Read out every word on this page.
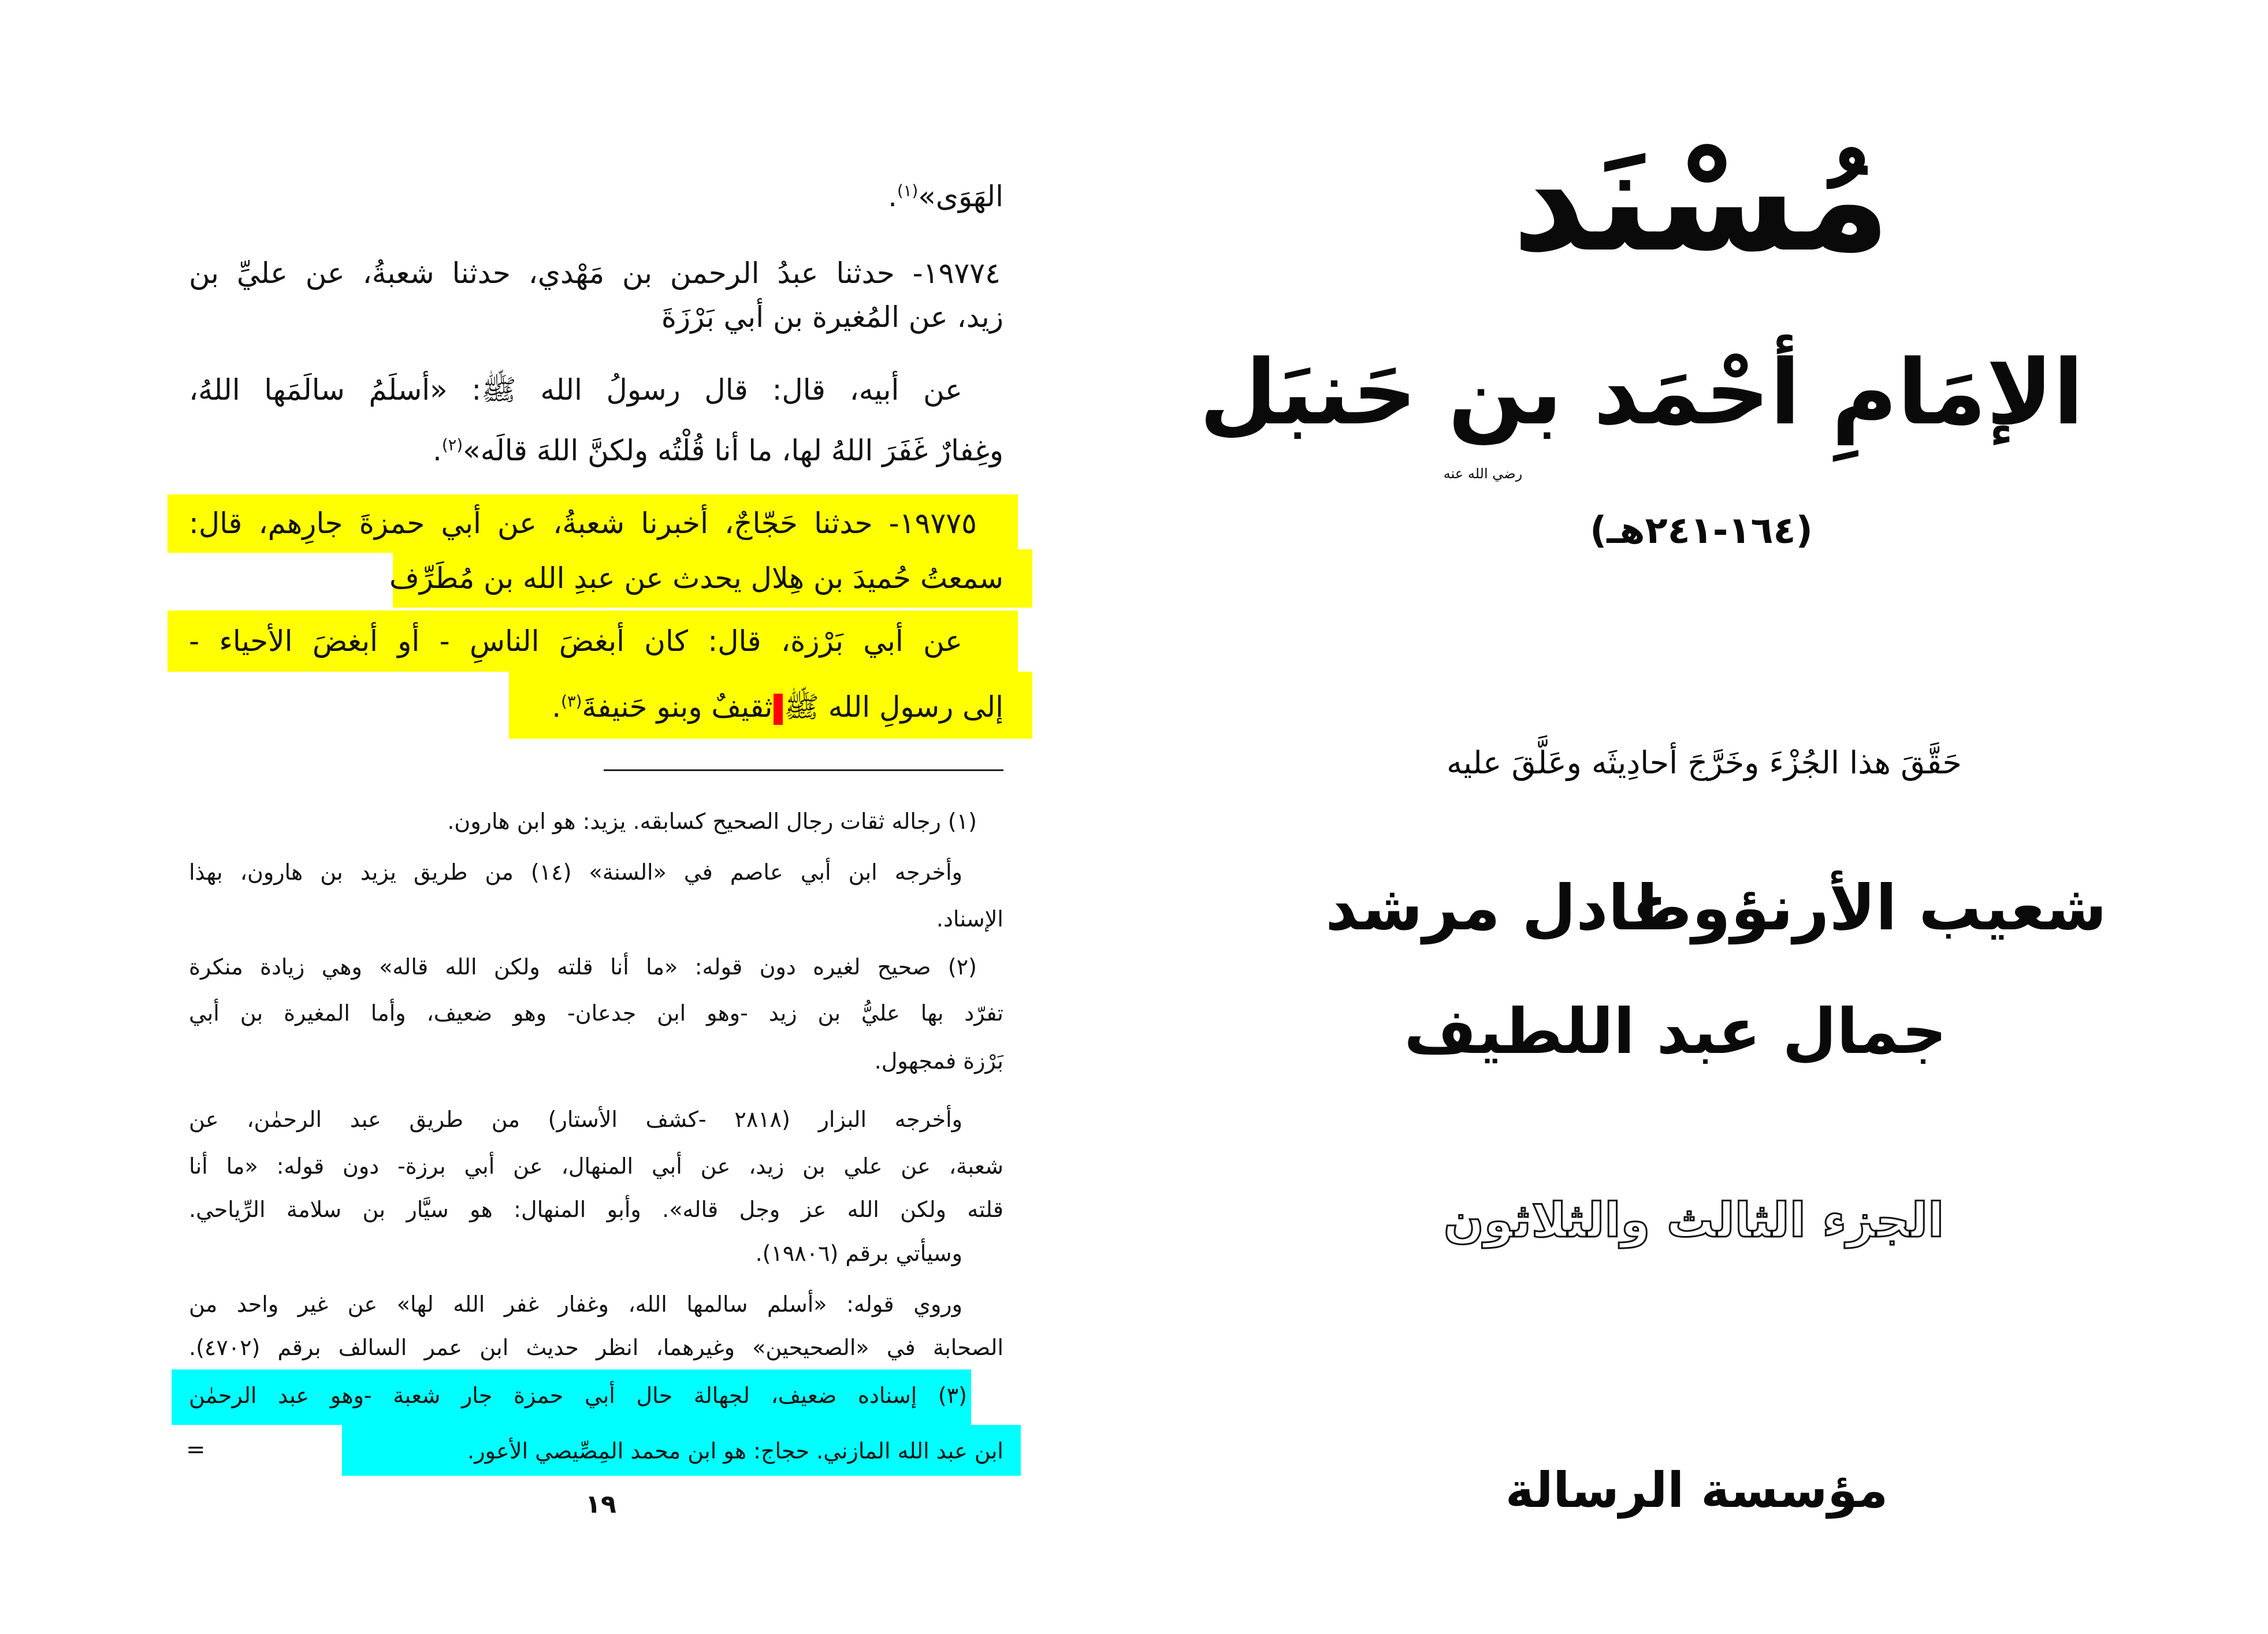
الهَوَى»$^{(١)}$.
١٩٧٧٤- حدثنا عبدُ الرحمن بن مَهْدي، حدثنا شعبةُ، عن عليِّ بن
زيد، عن المُغيرة بن أبي بَرْزَةَ
عن أبيه، قال: قال رسولُ الله ﷺ: «أسلَمُ سالَمَها اللهُ،
وغِفارٌ غَفَرَ اللهُ لها، ما أنا قُلْتُه ولكنَّ اللهَ قالَه»$^{(٢)}$.
١٩٧٧٥- حدثنا حَجّاجٌ، أخبرنا شعبةُ، عن أبي حمزةَ جارِهم، قال:
سمعتُ حُميدَ بن هِلال يحدث عن عبدِ الله بن مُطَرِّف
عن أبي بَرْزة، قال: كان أبغضَ الناسِ - أو أبغضَ الأحياء -
إلى رسولِ الله ﷺثقيفٌ وبنو حَنيفةَ$^{(٣)}$.
(١) رجاله ثقات رجال الصحيح كسابقه. يزيد: هو ابن هارون.
وأخرجه ابن أبي عاصم في «السنة» (١٤) من طريق يزيد بن هارون، بهذا
الإسناد.
(٢) صحيح لغيره دون قوله: «ما أنا قلته ولكن الله قاله» وهي زيادة منكرة
تفرّد بها عليُّ بن زيد -وهو ابن جدعان- وهو ضعيف، وأما المغيرة بن أبي
بَرْزة فمجهول.
وأخرجه البزار (٢٨١٨ -كشف الأستار) من طريق عبد الرحمٰن، عن
شعبة، عن علي بن زيد، عن أبي المنهال، عن أبي برزة- دون قوله: «ما أنا
قلته ولكن الله عز وجل قاله». وأبو المنهال: هو سيَّار بن سلامة الرِّياحي.
وسيأتي برقم (١٩٨٠٦).
وروي قوله: «أسلم سالمها الله، وغفار غفر الله لها» عن غير واحد من
الصحابة في «الصحيحين» وغيرهما، انظر حديث ابن عمر السالف برقم (٤٧٠٢).
(٣) إسناده ضعيف، لجهالة حال أبي حمزة جار شعبة -وهو عبد الرحمٰن
ابن عبد الله المازني. حجاج: هو ابن محمد المِصِّيصي الأعور.
=
١٩
مُسْنَد
الإمَامِ أحْمَد بن حَنبَل
رضي الله عنه
(١٦٤-٢٤١هـ)
حَقَّقَ هذا الجُزْءَ وخَرَّجَ أحادِيثَه وعَلَّقَ عليه
شعيب الأرنؤوط
عادل مرشد
جمال عبد اللطيف
الجزء الثالث والثلاثون
مؤسسة الرسالة
